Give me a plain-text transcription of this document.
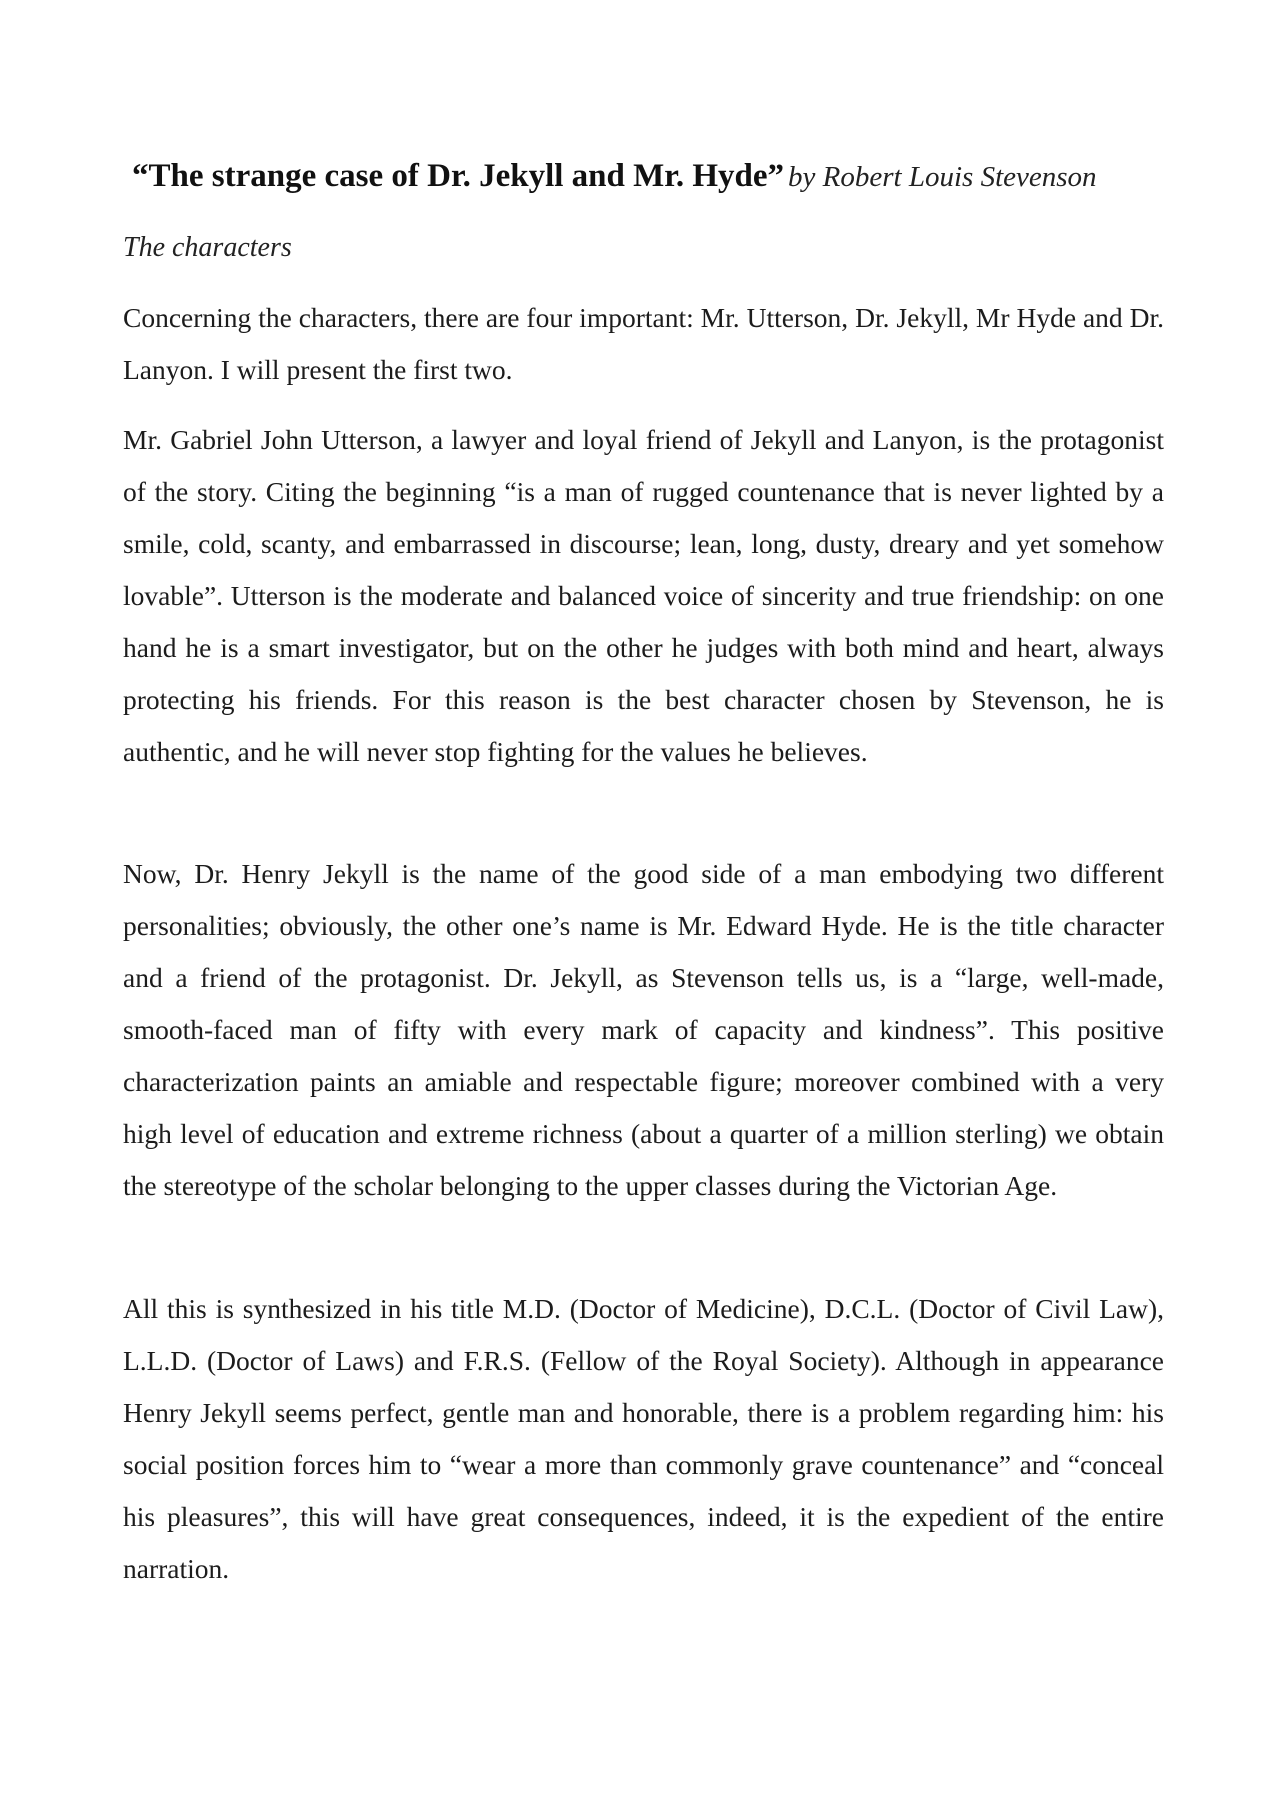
“The strange case of Dr. Jekyll and Mr. Hyde” by Robert Louis Stevenson
The characters

Concerning the characters, there are four important: Mr. Utterson, Dr. Jekyll, Mr Hyde and Dr. Lanyon. I will present the first two.

Mr. Gabriel John Utterson, a lawyer and loyal friend of Jekyll and Lanyon, is the protagonist of the story. Citing the beginning “is a man of rugged countenance that is never lighted by a smile, cold, scanty, and embarrassed in discourse; lean, long, dusty, dreary and yet somehow lovable”. Utterson is the moderate and balanced voice of sincerity and true friendship: on one hand he is a smart investigator, but on the other he judges with both mind and heart, always protecting his friends. For this reason is the best character chosen by Stevenson, he is authentic, and he will never stop fighting for the values he believes.

Now, Dr. Henry Jekyll is the name of the good side of a man embodying two different personalities; obviously, the other one’s name is Mr. Edward Hyde. He is the title character and a friend of the protagonist. Dr. Jekyll, as Stevenson tells us, is a “large, well-made, smooth-faced man of fifty with every mark of capacity and kindness”. This positive characterization paints an amiable and respectable figure; moreover combined with a very high level of education and extreme richness (about a quarter of a million sterling) we obtain the stereotype of the scholar belonging to the upper classes during the Victorian Age.

All this is synthesized in his title M.D. (Doctor of Medicine), D.C.L. (Doctor of Civil Law), L.L.D. (Doctor of Laws) and F.R.S. (Fellow of the Royal Society). Although in appearance Henry Jekyll seems perfect, gentle man and honorable, there is a problem regarding him: his social position forces him to “wear a more than commonly grave countenance” and “conceal his pleasures”, this will have great consequences, indeed, it is the expedient of the entire narration.
